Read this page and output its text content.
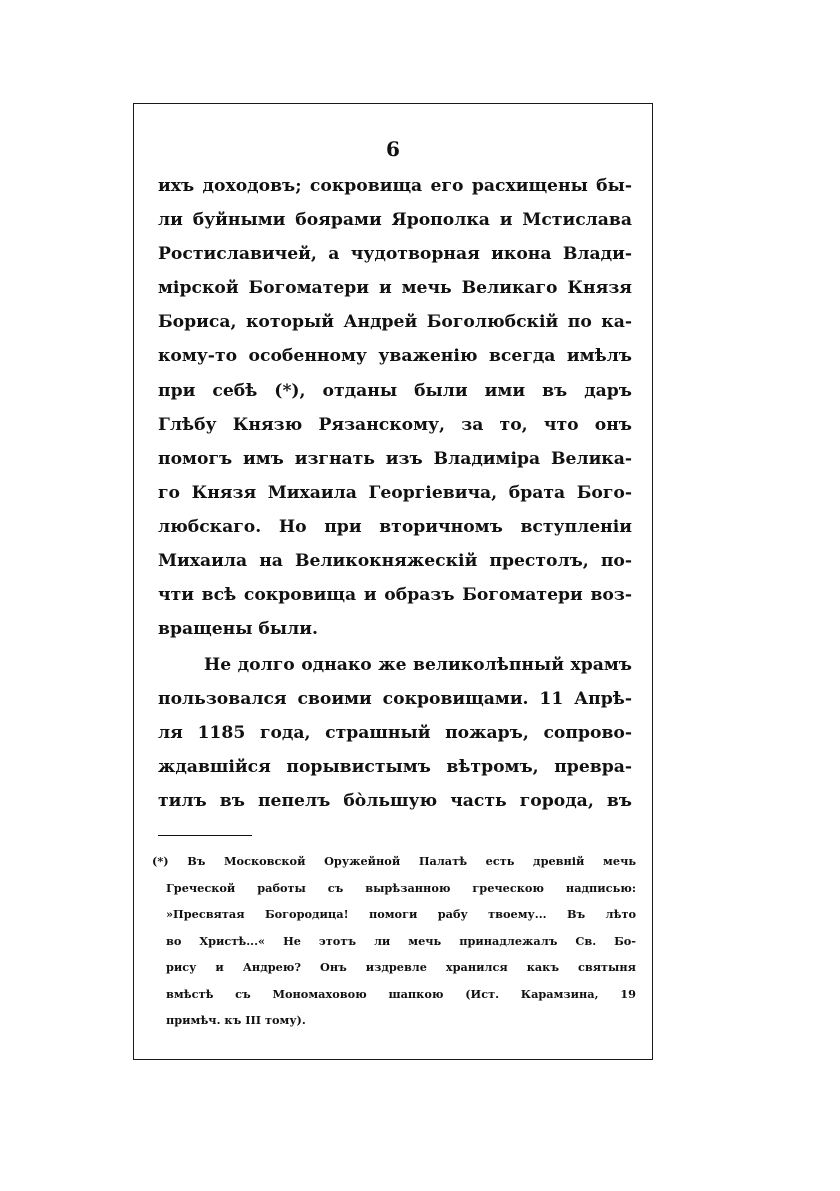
6
ихъ доходовъ; сокровища его расхищены бы-
ли буйными боярами Ярополка и Мстислава
Ростиславичей, а чудотворная икона Влади-
мірской Богоматери и мечь Великаго Князя
Бориса, который Андрей Боголюбскій по ка-
кому-то особенному уваженію всегда имѣлъ
при себѣ (*), отданы были ими въ даръ
Глѣбу Князю Рязанскому, за то, что онъ
помогъ имъ изгнать изъ Владиміра Велика-
го Князя Михаила Георгіевича, брата Бого-
любскаго. Но при вторичномъ вступленіи
Михаила на Великокняжескій престолъ, по-
чти всѣ сокровища и образъ Богоматери воз-
вращены были.
Не долго однако же великолѣпный храмъ
пользовался своими сокровищами. 11 Апрѣ-
ля 1185 года, страшный пожаръ, сопрово-
ждавшійся порывистымъ вѣтромъ, превра-
тилъ въ пепелъ бо̀льшую часть города, въ
(*) Въ Московской Оружейной Палатѣ есть древній мечь
Греческой работы съ вырѣзанною греческою надписью:
»Пресвятая Богородица! помоги рабу твоему... Въ лѣто
во Христѣ...« Не этотъ ли мечь принадлежалъ Св. Бо-
рису и Андрею? Онъ издревле хранился какъ святыня
вмѣстѣ съ Мономаховою шапкою (Ист. Карамзина, 19
примѣч. къ III тому).
